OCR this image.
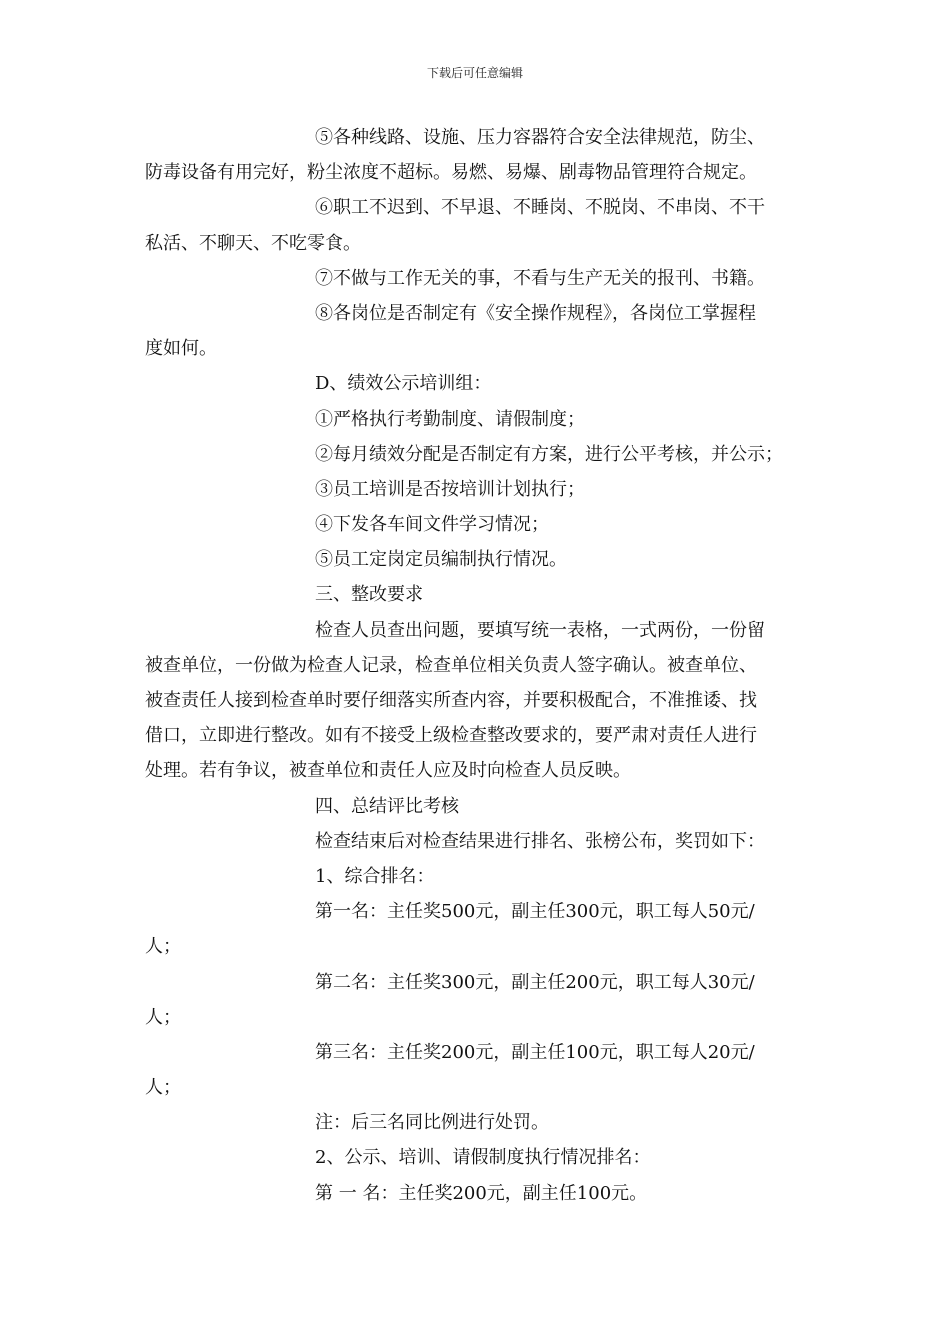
下载后可任意编辑
⑤各种线路、设施、压力容器符合安全法律规范，防尘、
防毒设备有用完好，粉尘浓度不超标。易燃、易爆、剧毒物品管理符合规定。
⑥职工不迟到、不早退、不睡岗、不脱岗、不串岗、不干
私活、不聊天、不吃零食。
⑦不做与工作无关的事，不看与生产无关的报刊、书籍。
⑧各岗位是否制定有《安全操作规程》，各岗位工掌握程
度如何。
D、绩效公示培训组：
①严格执行考勤制度、请假制度；
②每月绩效分配是否制定有方案，进行公平考核，并公示；
③员工培训是否按培训计划执行；
④下发各车间文件学习情况；
⑤员工定岗定员编制执行情况。
三、整改要求
检查人员查出问题，要填写统一表格，一式两份，一份留
被查单位，一份做为检查人记录，检查单位相关负责人签字确认。被查单位、
被查责任人接到检查单时要仔细落实所查内容，并要积极配合，不准推诿、找
借口，立即进行整改。如有不接受上级检查整改要求的，要严肃对责任人进行
处理。若有争议，被查单位和责任人应及时向检查人员反映。
四、总结评比考核
检查结束后对检查结果进行排名、张榜公布，奖罚如下：
1、综合排名：
第一名：主任奖500元，副主任300元，职工每人50元/
人；
第二名：主任奖300元，副主任200元，职工每人30元/
人；
第三名：主任奖200元，副主任100元，职工每人20元/
人；
注：后三名同比例进行处罚。
2、公示、培训、请假制度执行情况排名：
第 一 名：主任奖200元，副主任100元。
